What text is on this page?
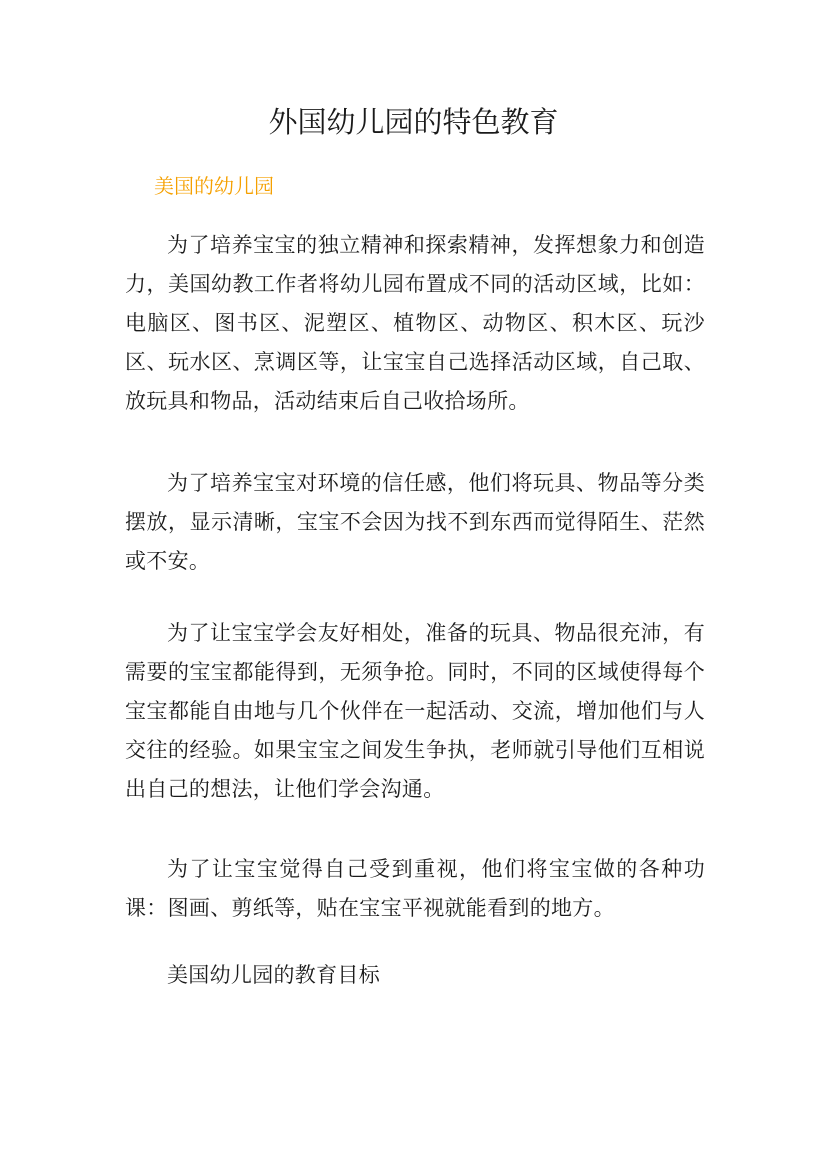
外国幼儿园的特色教育
美国的幼儿园

为了培养宝宝的独立精神和探索精神，发挥想象力和创造力，美国幼教工作者将幼儿园布置成不同的活动区域，比如：电脑区、图书区、泥塑区、植物区、动物区、积木区、玩沙区、玩水区、烹调区等，让宝宝自己选择活动区域，自己取、放玩具和物品，活动结束后自己收拾场所。

为了培养宝宝对环境的信任感，他们将玩具、物品等分类摆放，显示清晰，宝宝不会因为找不到东西而觉得陌生、茫然或不安。

为了让宝宝学会友好相处，准备的玩具、物品很充沛，有需要的宝宝都能得到，无须争抢。同时，不同的区域使得每个宝宝都能自由地与几个伙伴在一起活动、交流，增加他们与人交往的经验。如果宝宝之间发生争执，老师就引导他们互相说出自己的想法，让他们学会沟通。

为了让宝宝觉得自己受到重视，他们将宝宝做的各种功课：图画、剪纸等，贴在宝宝平视就能看到的地方。

美国幼儿园的教育目标
